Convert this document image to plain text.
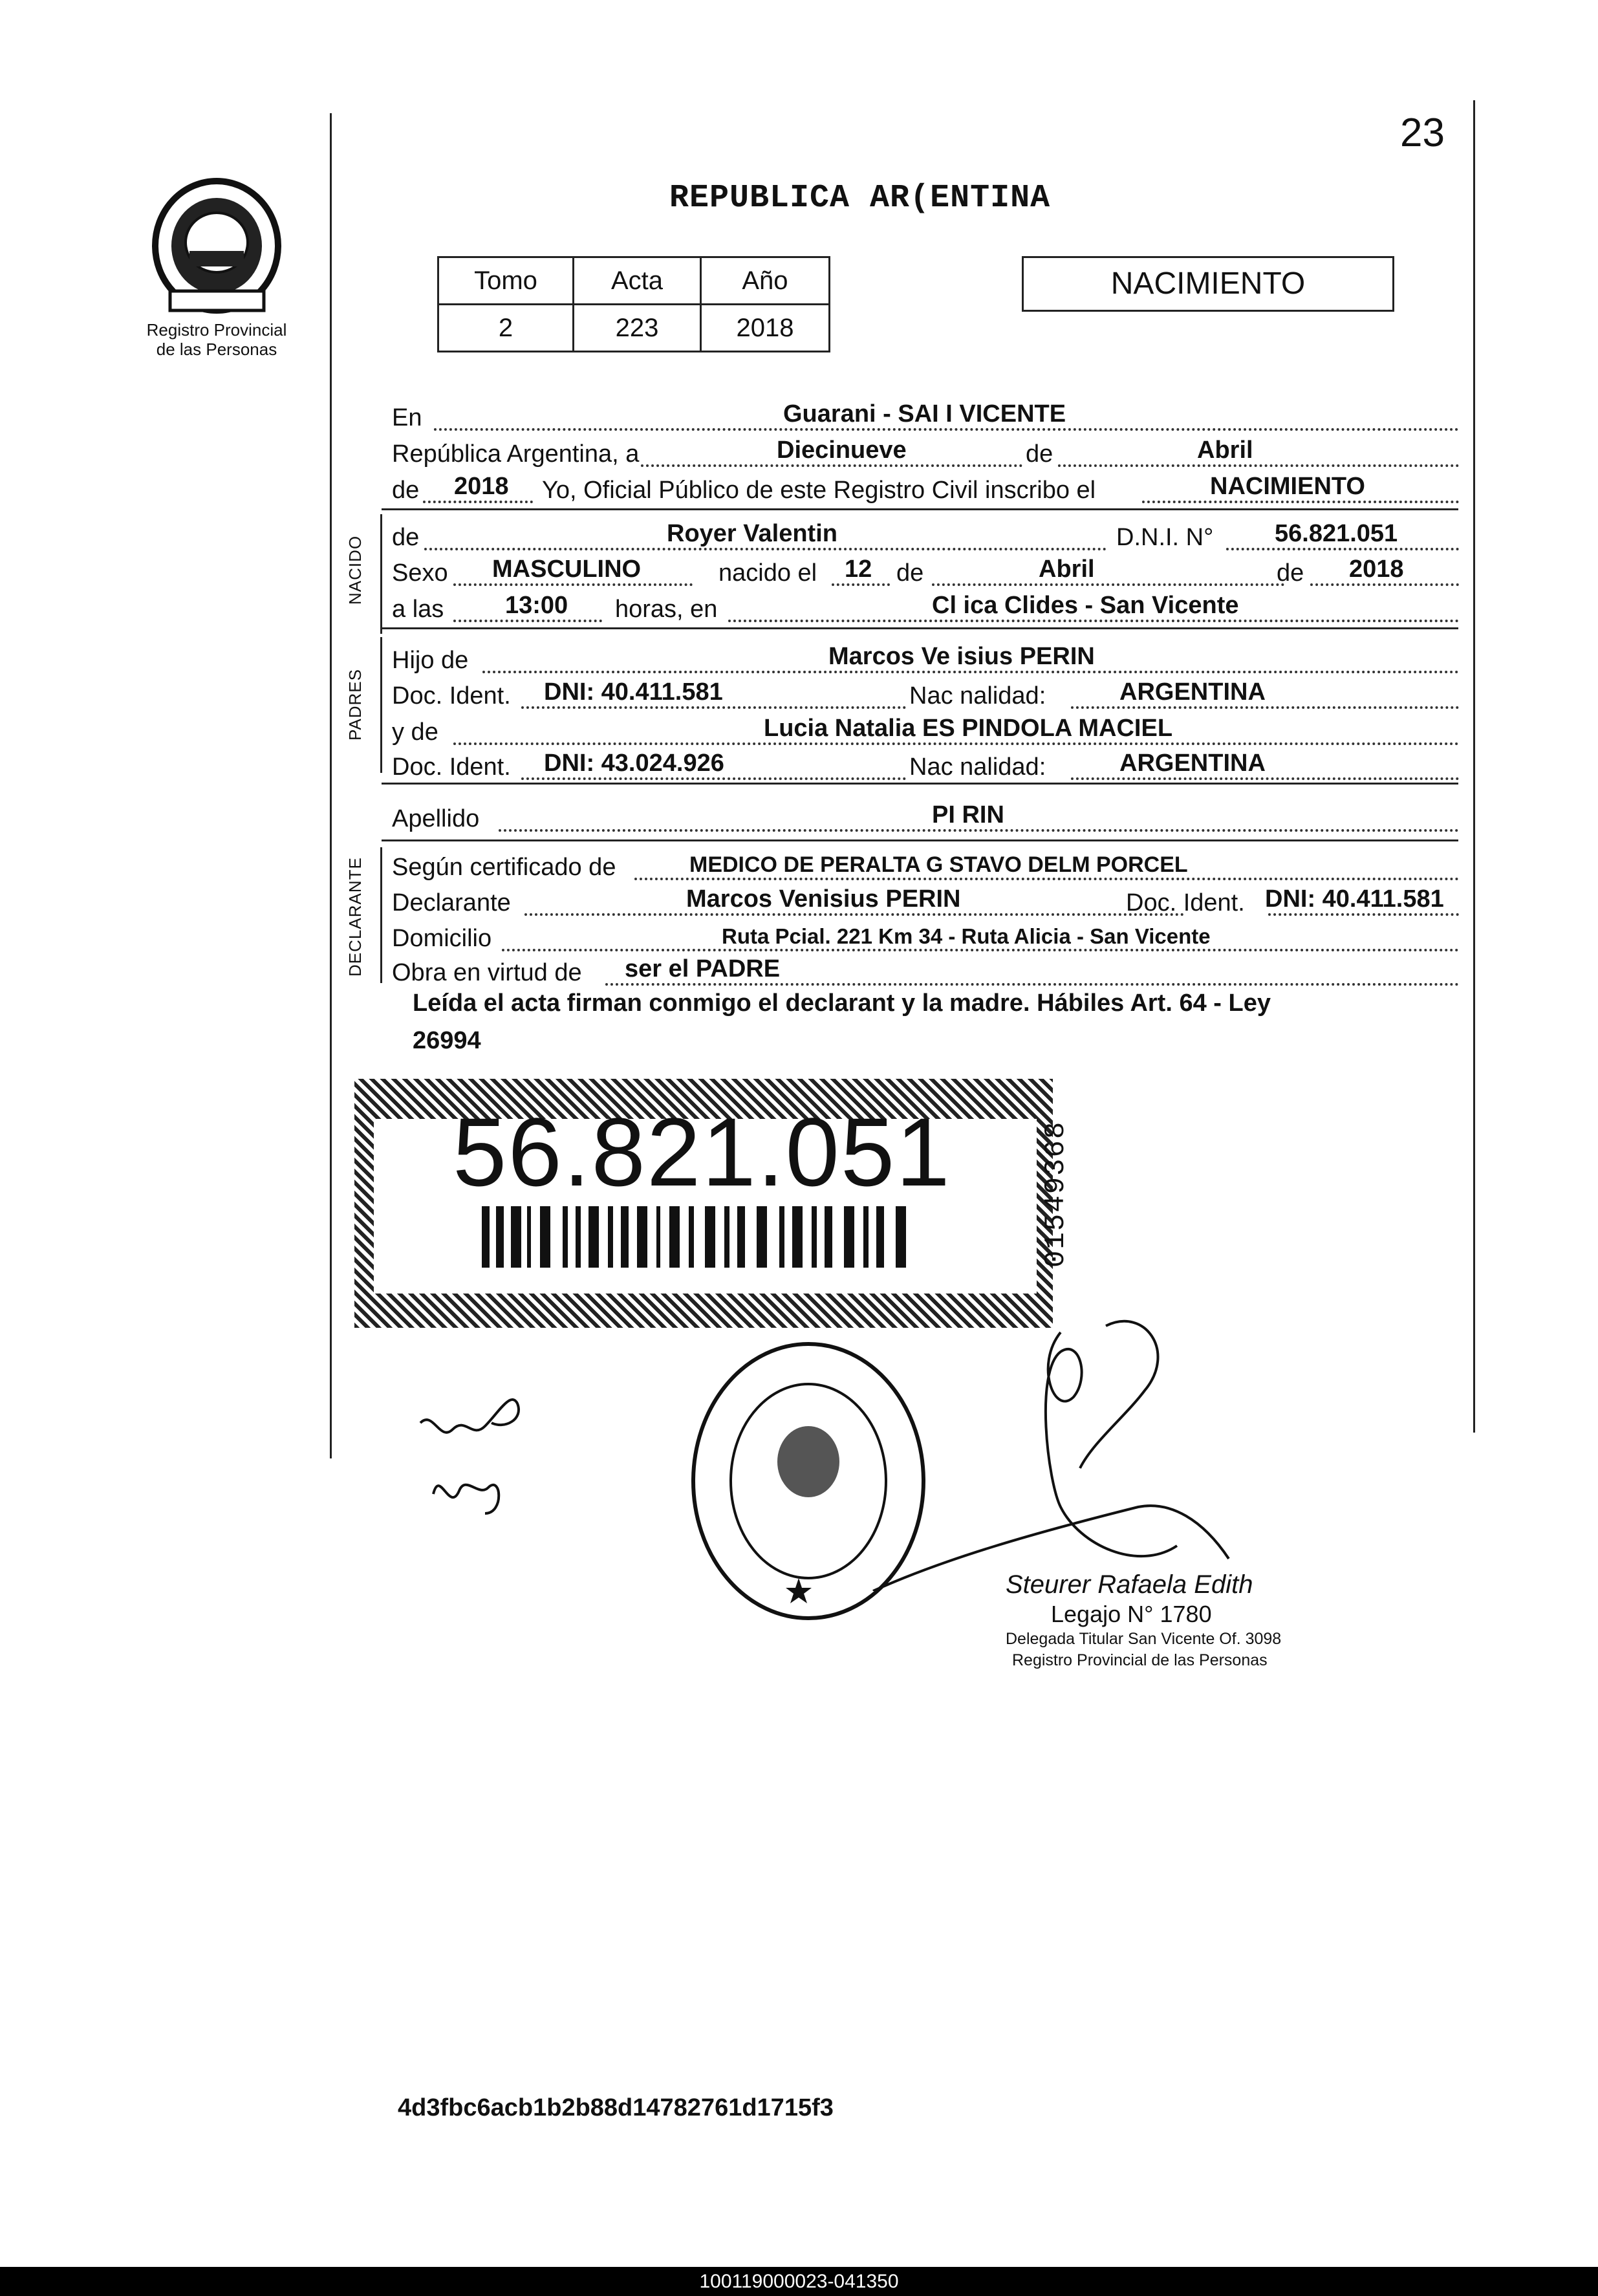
23
Registro Provincial
de las Personas
REPUBLICA AR(ENTINA
Tomo	Acta	Año
2	223	2018
NACIMIENTO
En	Guarani - SAI I VICENTE
República Argentina, a	Diecinueve	de	Abril
de 2018 Yo, Oficial Público de este Registro Civil inscribo el	NACIMIENTO
NACIDO de	Royer Valentin	D.N.I. N° 56.821.051
Sexo MASCULINO	nacido el 12 de	Abril	de 2018
a las 13:00 horas, en	Cl ica Clides - San Vicente
PADRES
Hijo de	Marcos Ve isius PERIN
Doc. Ident. DNI: 40.411.581	Nac nalidad:	ARGENTINA
y de	Lucia Natalia ES PINDOLA MACIEL
Doc. Ident. DNI: 43.024.926	Nac nalidad:	ARGENTINA
Apellido	PI RIN
DECLARANTE Según certificado de	MEDICO DE PERALTA G STAVO DELM PORCEL
Declarante	Marcos Venisius PERIN	Doc. Ident. DNI: 40.411.581
Domicilio	Ruta Pcial. 221 Km 34 - Ruta Alicia - San Vicente
Obra en virtud de ser el PADRE
Leída el acta firman conmigo el declarant y la madre. Hábiles Art. 64 - Ley
26994
56.821.051	01549368
Steurer Rafaela Edith
Legajo N° 1780
Delegada Titular San Vicente Of. 3098
Registro Provincial de las Personas
4d3fbc6acb1b2b88d14782761d1715f3
100119000023-041350
